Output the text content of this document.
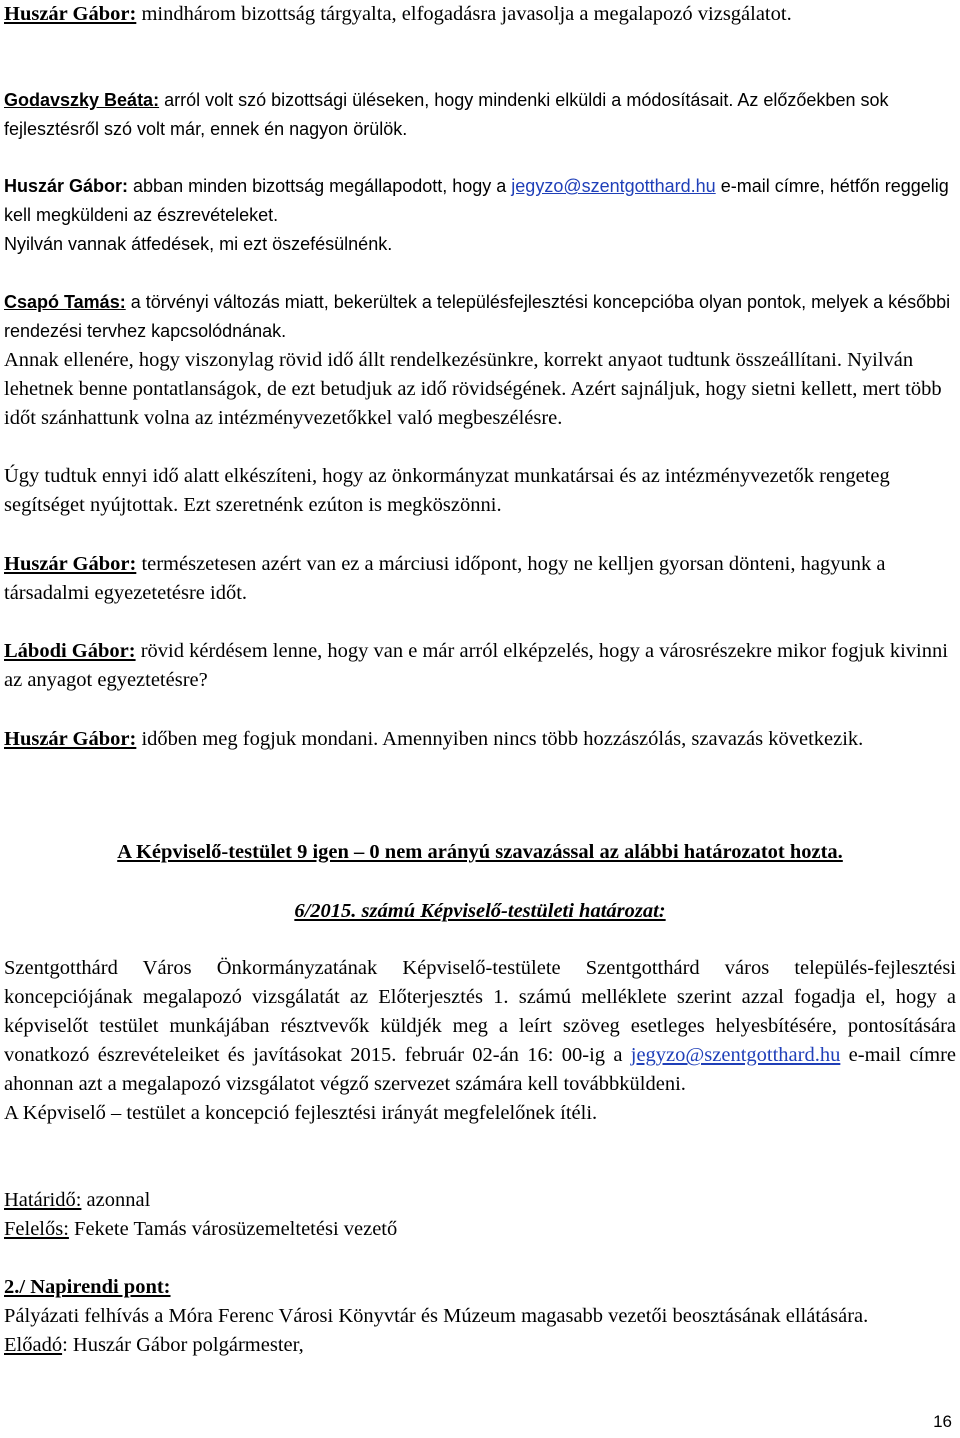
Huszár Gábor: mindhárom bizottság tárgyalta, elfogadásra javasolja a megalapozó vizsgálatot.

Godavszky Beáta: arról volt szó bizottsági üléseken, hogy mindenki elküldi a módosításait. Az előzőekben sok fejlesztésről szó volt már, ennek én nagyon örülök.

Huszár Gábor: abban minden bizottság megállapodott, hogy a jegyzo@szentgotthard.hu e-mail címre, hétfőn reggelig kell megküldeni az észrevételeket.

Nyilván vannak átfedések, mi ezt öszefésülnénk.

Csapó Tamás: a törvényi változás miatt, bekerültek a településfejlesztési koncepcióba olyan pontok, melyek a későbbi rendezési tervhez kapcsolódnának.

Annak ellenére, hogy viszonylag rövid idő állt rendelkezésünkre, korrekt anyaot tudtunk összeállítani. Nyilván lehetnek benne pontatlanságok, de ezt betudjuk az idő rövidségének. Azért sajnáljuk, hogy sietni kellett, mert több időt szánhattunk volna az intézményvezetőkkel való megbeszélésre.

Úgy tudtuk ennyi idő alatt elkészíteni, hogy az önkormányzat munkatársai és az intézményvezetők rengeteg segítséget nyújtottak. Ezt szeretnénk ezúton is megköszönni.

Huszár Gábor: természetesen azért van ez a márciusi időpont, hogy ne kelljen gyorsan dönteni, hagyunk a társadalmi egyezetetésre időt.

Lábodi Gábor: rövid kérdésem lenne, hogy van e már arról elképzelés, hogy a városrészekre mikor fogjuk kivinni az anyagot egyeztetésre?

Huszár Gábor: időben meg fogjuk mondani. Amennyiben nincs több hozzászólás, szavazás következik.

A Képviselő-testület 9 igen – 0 nem arányú szavazással az alábbi határozatot hozta.

6/2015. számú Képviselő-testületi határozat:

Szentgotthárd Város Önkormányzatának Képviselő-testülete Szentgotthárd város település-fejlesztési koncepciójának megalapozó vizsgálatát az Előterjesztés 1. számú melléklete szerint azzal fogadja el, hogy a képviselőt testület munkájában résztvevők küldjék meg a leírt szöveg esetleges helyesbítésére, pontosítására vonatkozó észrevételeiket és javításokat 2015. február 02-án 16: 00-ig a jegyzo@szentgotthard.hu e-mail címre ahonnan azt a megalapozó vizsgálatot végző szervezet számára kell továbbküldeni.

A Képviselő – testület a koncepció fejlesztési irányát megfelelőnek ítéli.

Határidő: azonnal

Felelős: Fekete Tamás városüzemeltetési vezető

2./ Napirendi pont:

Pályázati felhívás a Móra Ferenc Városi Könyvtár és Múzeum magasabb vezetői beosztásának ellátására.

Előadó: Huszár Gábor polgármester,

16
